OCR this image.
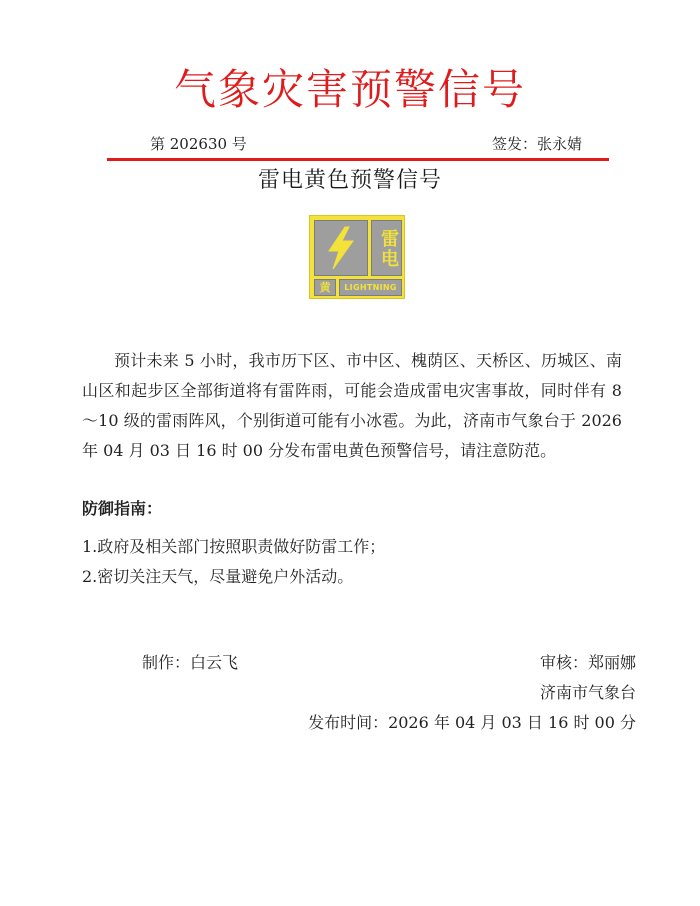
气象灾害预警信号
第 202630 号	签发：张永婧
雷电黄色预警信号
雷电
黄	LIGHTNING
预计未来 5 小时，我市历下区、市中区、槐荫区、天桥区、历城区、南山区和起步区全部街道将有雷阵雨，可能会造成雷电灾害事故，同时伴有 8～10 级的雷雨阵风，个别街道可能有小冰雹。为此，济南市气象台于 2026 年 04 月 03 日 16 时 00 分发布雷电黄色预警信号，请注意防范。
防御指南：
1.政府及相关部门按照职责做好防雷工作；
2.密切关注天气，尽量避免户外活动。
制作：白云飞	审核：郑丽娜
济南市气象台
发布时间：2026 年 04 月 03 日 16 时 00 分
